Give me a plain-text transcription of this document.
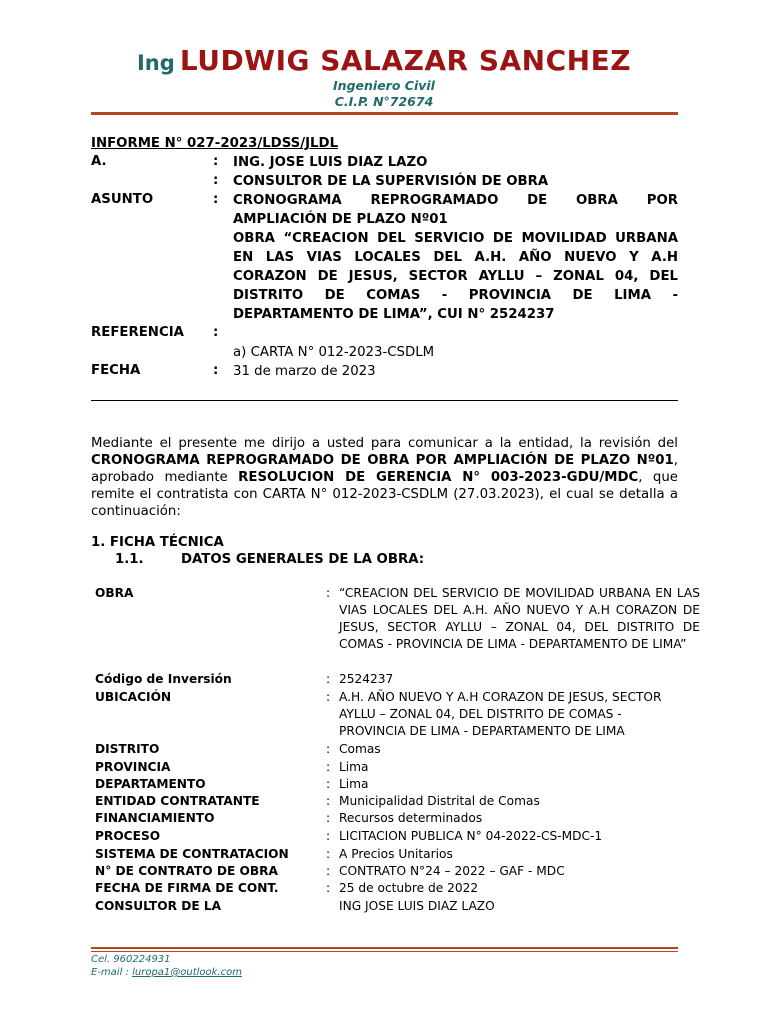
Ing LUDWIG SALAZAR SANCHEZ
Ingeniero Civil
C.I.P. N°72674
INFORME N° 027-2023/LDSS/JLDL
A.	: ING. JOSE LUIS DIAZ LAZO
: CONSULTOR DE LA SUPERVISIÓN DE OBRA
ASUNTO	: CRONOGRAMA REPROGRAMADO DE OBRA POR AMPLIACIÓN DE PLAZO Nº01
OBRA “CREACION DEL SERVICIO DE MOVILIDAD URBANA EN LAS VIAS LOCALES DEL A.H. AÑO NUEVO Y A.H CORAZON DE JESUS, SECTOR AYLLU – ZONAL 04, DEL DISTRITO DE COMAS - PROVINCIA DE LIMA - DEPARTAMENTO DE LIMA”, CUI N° 2524237
REFERENCIA :
a) CARTA N° 012-2023-CSDLM
FECHA	: 31 de marzo de 2023
Mediante el presente me dirijo a usted para comunicar a la entidad, la revisión del CRONOGRAMA REPROGRAMADO DE OBRA POR AMPLIACIÓN DE PLAZO Nº01, aprobado mediante RESOLUCION DE GERENCIA N° 003-2023-GDU/MDC, que remite el contratista con CARTA N° 012-2023-CSDLM (27.03.2023), el cual se detalla a continuación:
1. FICHA TÉCNICA
1.1.	DATOS GENERALES DE LA OBRA:
OBRA	: “CREACION DEL SERVICIO DE MOVILIDAD URBANA EN LAS VIAS LOCALES DEL A.H. AÑO NUEVO Y A.H CORAZON DE JESUS, SECTOR AYLLU – ZONAL 04, DEL DISTRITO DE COMAS - PROVINCIA DE LIMA - DEPARTAMENTO DE LIMA”
Código de Inversión	: 2524237
UBICACIÓN	: A.H. AÑO NUEVO Y A.H CORAZON DE JESUS, SECTOR AYLLU – ZONAL 04, DEL DISTRITO DE COMAS - PROVINCIA DE LIMA - DEPARTAMENTO DE LIMA
DISTRITO	: Comas
PROVINCIA	: Lima
DEPARTAMENTO	: Lima
ENTIDAD CONTRATANTE	: Municipalidad Distrital de Comas
FINANCIAMIENTO	: Recursos determinados
PROCESO	: LICITACION PUBLICA N° 04-2022-CS-MDC-1
SISTEMA DE CONTRATACION	: A Precios Unitarios
N° DE CONTRATO DE OBRA	: CONTRATO N°24 – 2022 – GAF - MDC
FECHA DE FIRMA DE CONT.	: 25 de octubre de 2022
CONSULTOR DE LA	ING JOSE LUIS DIAZ LAZO
Cel. 960224931
E-mail : luropa1@outlook.com
